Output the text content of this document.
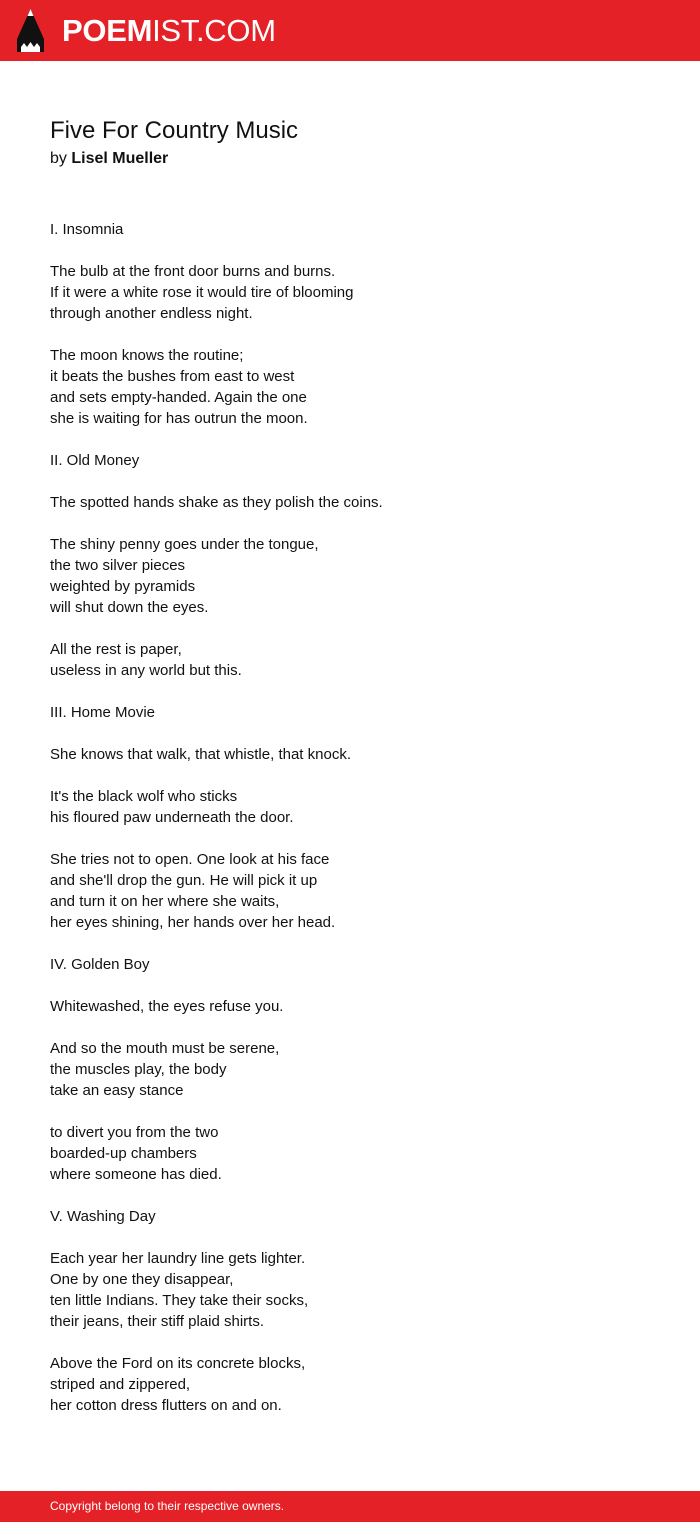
POEMIST.COM
Five For Country Music
by Lisel Mueller
I. Insomnia
The bulb at the front door burns and burns.
If it were a white rose it would tire of blooming
through another endless night.
The moon knows the routine;
it beats the bushes from east to west
and sets empty-handed. Again the one
she is waiting for has outrun the moon.
II. Old Money
The spotted hands shake as they polish the coins.
The shiny penny goes under the tongue,
the two silver pieces
weighted by pyramids
will shut down the eyes.
All the rest is paper,
useless in any world but this.
III. Home Movie
She knows that walk, that whistle, that knock.
It's the black wolf who sticks
his floured paw underneath the door.
She tries not to open. One look at his face
and she'll drop the gun. He will pick it up
and turn it on her where she waits,
her eyes shining, her hands over her head.
IV. Golden Boy
Whitewashed, the eyes refuse you.
And so the mouth must be serene,
the muscles play, the body
take an easy stance
to divert you from the two
boarded-up chambers
where someone has died.
V. Washing Day
Each year her laundry line gets lighter.
One by one they disappear,
ten little Indians. They take their socks,
their jeans, their stiff plaid shirts.
Above the Ford on its concrete blocks,
striped and zippered,
her cotton dress flutters on and on.
Copyright belong to their respective owners.
